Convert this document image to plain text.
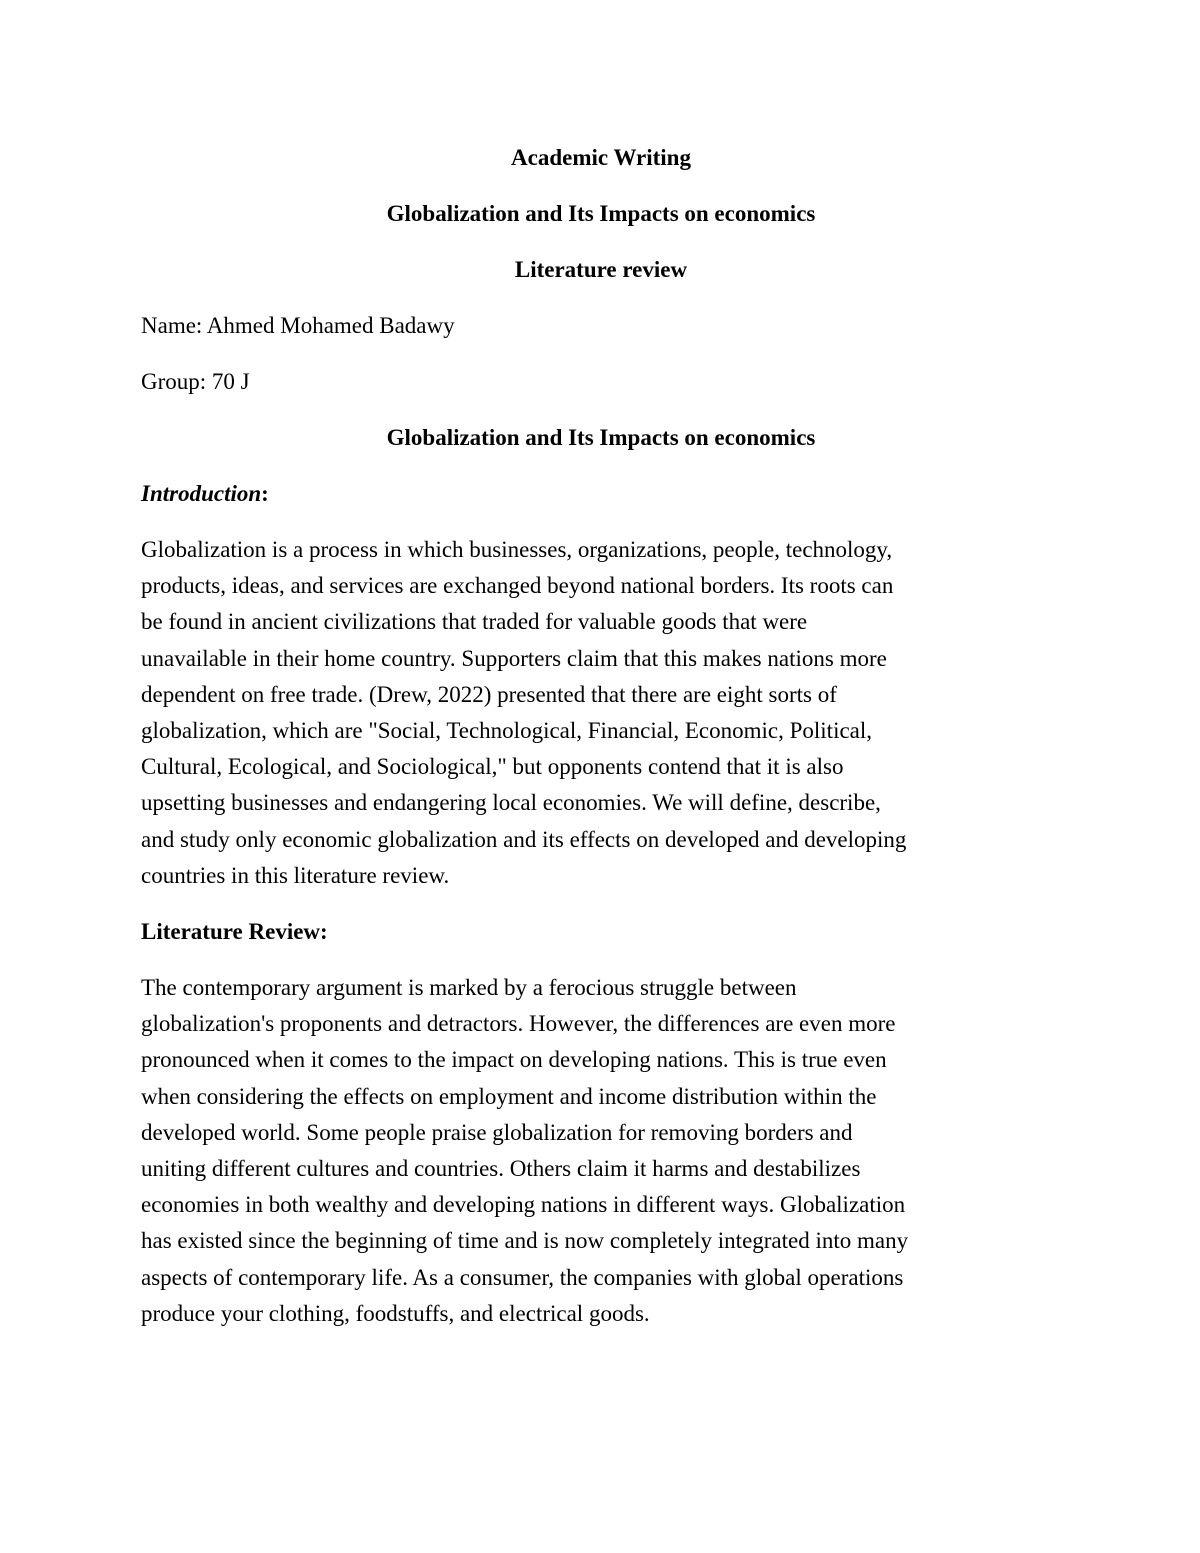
Academic Writing
Globalization and Its Impacts on economics
Literature review
Name: Ahmed Mohamed Badawy
Group: 70 J
Globalization and Its Impacts on economics
Introduction:
Globalization is a process in which businesses, organizations, people, technology,
products, ideas, and services are exchanged beyond national borders. Its roots can
be found in ancient civilizations that traded for valuable goods that were
unavailable in their home country. Supporters claim that this makes nations more
dependent on free trade. (Drew, 2022) presented that there are eight sorts of
globalization, which are "Social, Technological, Financial, Economic, Political,
Cultural, Ecological, and Sociological," but opponents contend that it is also
upsetting businesses and endangering local economies. We will define, describe,
and study only economic globalization and its effects on developed and developing
countries in this literature review.
Literature Review:
The contemporary argument is marked by a ferocious struggle between
globalization's proponents and detractors. However, the differences are even more
pronounced when it comes to the impact on developing nations. This is true even
when considering the effects on employment and income distribution within the
developed world. Some people praise globalization for removing borders and
uniting different cultures and countries. Others claim it harms and destabilizes
economies in both wealthy and developing nations in different ways. Globalization
has existed since the beginning of time and is now completely integrated into many
aspects of contemporary life. As a consumer, the companies with global operations
produce your clothing, foodstuffs, and electrical goods.
